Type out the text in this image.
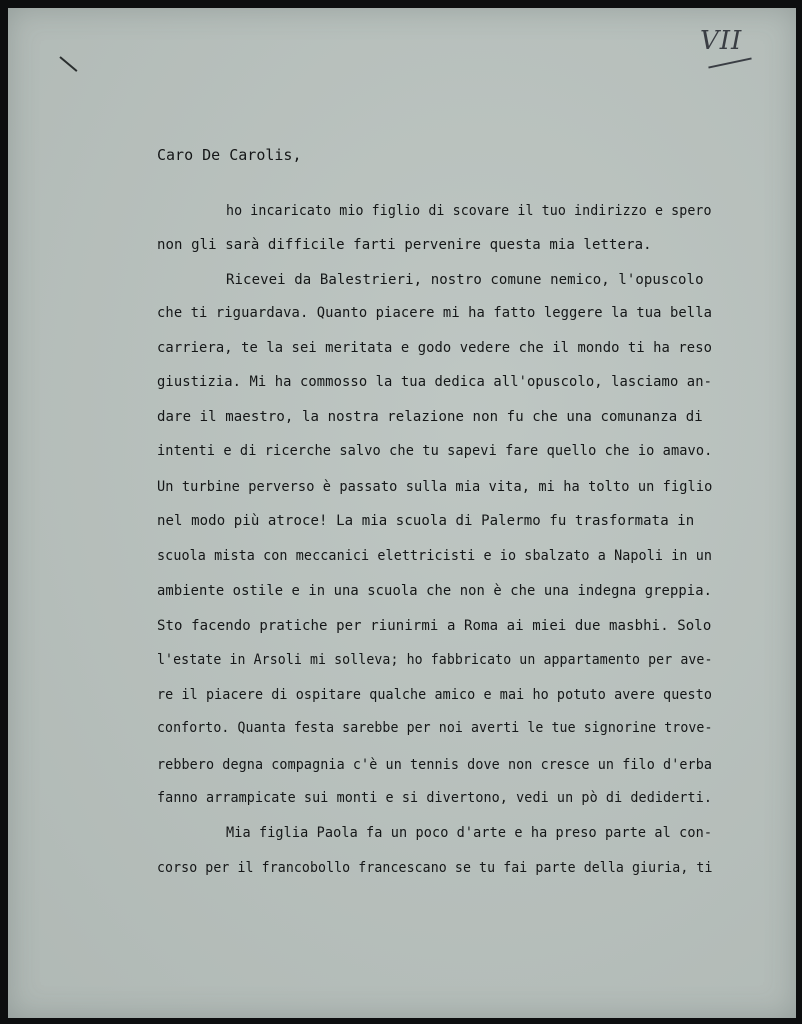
VII
Caro De Carolis,
ho incaricato mio figlio di scovare il tuo indirizzo e spero
non gli sarà difficile farti pervenire questa mia lettera.
Ricevei da Balestrieri, nostro comune nemico, l'opuscolo
che ti riguardava. Quanto piacere mi ha fatto leggere la tua bella
carriera, te la sei meritata e godo vedere che il mondo ti ha reso
giustizia. Mi ha commosso la tua dedica all'opuscolo, lasciamo an-
dare il maestro, la nostra relazione non fu che una comunanza di
intenti e di ricerche salvo che tu sapevi fare quello che io amavo.
Un turbine perverso è passato sulla mia vita, mi ha tolto un figlio
nel modo più atroce! La mia scuola di Palermo fu trasformata in
scuola mista con meccanici elettricisti e io sbalzato a Napoli in un
ambiente ostile e in una scuola che non è che una indegna greppia.
Sto facendo pratiche per riunirmi a Roma ai miei due masbhi. Solo
l'estate in Arsoli mi solleva; ho fabbricato un appartamento per ave-
re il piacere di ospitare qualche amico e mai ho potuto avere questo
conforto. Quanta festa sarebbe per noi averti le tue signorine trove-
rebbero degna compagnia c'è un tennis dove non cresce un filo d'erba
fanno arrampicate sui monti e si divertono, vedi un pò di dediderti.
Mia figlia Paola fa un poco d'arte e ha preso parte al con-
corso per il francobollo francescano se tu fai parte della giuria, ti
